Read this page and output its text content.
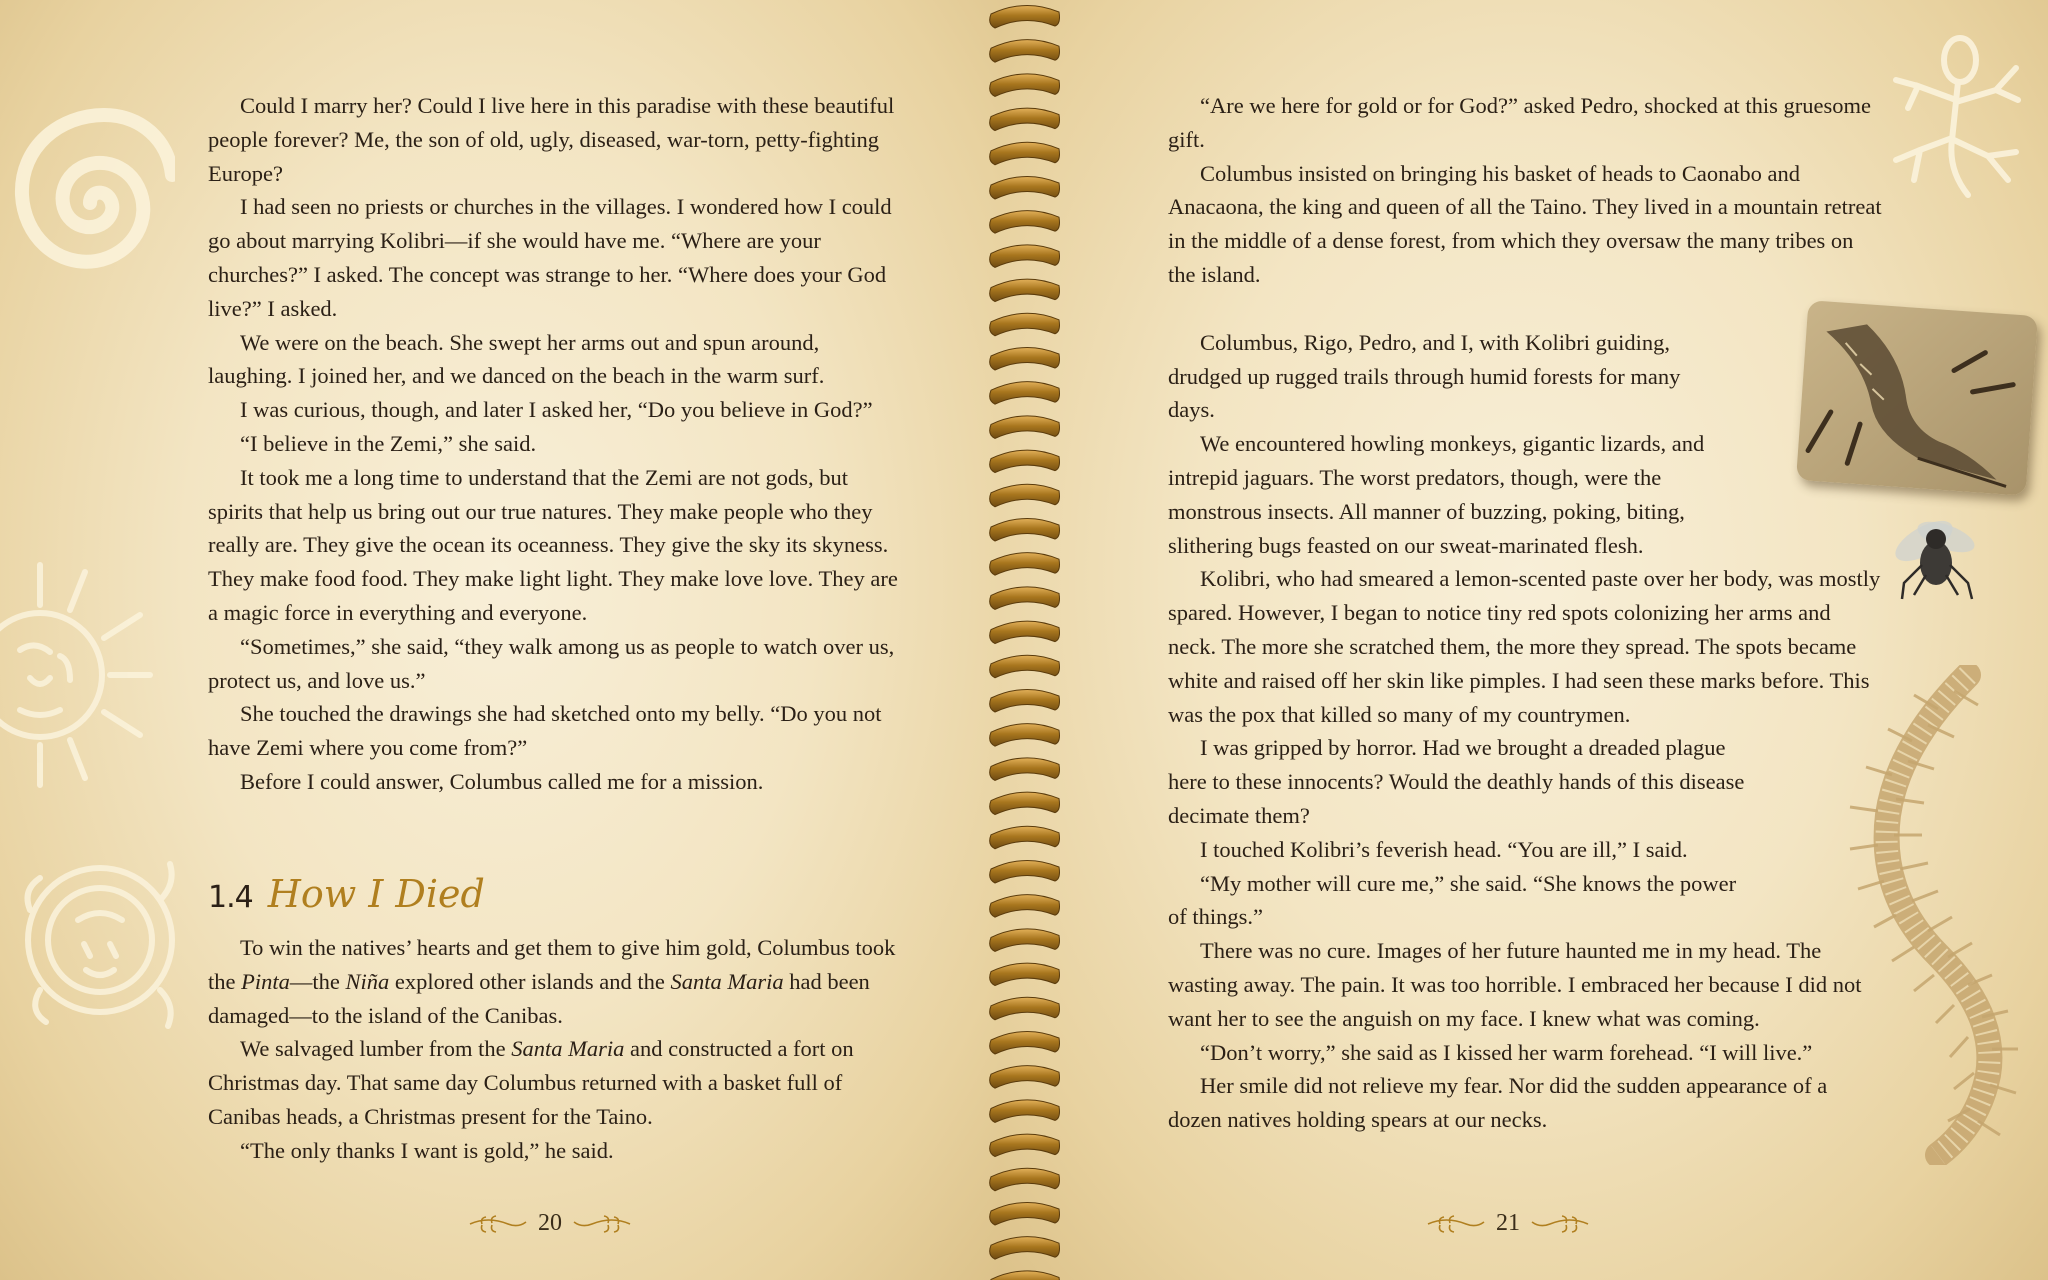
Could I marry her? Could I live here in this paradise with these beautiful people forever? Me, the son of old, ugly, diseased, war-torn, petty-fighting Europe?

I had seen no priests or churches in the villages. I wondered how I could go about marrying Kolibri—if she would have me. “Where are your churches?” I asked. The concept was strange to her. “Where does your God live?” I asked.

We were on the beach. She swept her arms out and spun around, laughing. I joined her, and we danced on the beach in the warm surf.

I was curious, though, and later I asked her, “Do you believe in God?”

“I believe in the Zemi,” she said.

It took me a long time to understand that the Zemi are not gods, but spirits that help us bring out our true natures. They make people who they really are. They give the ocean its oceanness. They give the sky its skyness. They make food food. They make light light. They make love love. They are a magic force in everything and everyone.

“Sometimes,” she said, “they walk among us as people to watch over us, protect us, and love us.”

She touched the drawings she had sketched onto my belly. “Do you not have Zemi where you come from?”

Before I could answer, Columbus called me for a mission.

1.4 How I Died

To win the natives’ hearts and get them to give him gold, Columbus took the Pinta—the Niña explored other islands and the Santa Maria had been damaged—to the island of the Canibas.

We salvaged lumber from the Santa Maria and constructed a fort on Christmas day. That same day Columbus returned with a basket full of Canibas heads, a Christmas present for the Taino.

“The only thanks I want is gold,” he said.

20

“Are we here for gold or for God?” asked Pedro, shocked at this gruesome gift.

Columbus insisted on bringing his basket of heads to Caonabo and Anacaona, the king and queen of all the Taino. They lived in a mountain retreat in the middle of a dense forest, from which they oversaw the many tribes on the island.

Columbus, Rigo, Pedro, and I, with Kolibri guiding, drudged up rugged trails through humid forests for many days.

We encountered howling monkeys, gigantic lizards, and intrepid jaguars. The worst predators, though, were the monstrous insects. All manner of buzzing, poking, biting, slithering bugs feasted on our sweat-marinated flesh.

Kolibri, who had smeared a lemon-scented paste over her body, was mostly spared. However, I began to notice tiny red spots colonizing her arms and neck. The more she scratched them, the more they spread. The spots became white and raised off her skin like pimples. I had seen these marks before. This was the pox that killed so many of my countrymen.

I was gripped by horror. Had we brought a dreaded plague here to these innocents? Would the deathly hands of this disease decimate them?

I touched Kolibri’s feverish head. “You are ill,” I said.

“My mother will cure me,” she said. “She knows the power of things.”

There was no cure. Images of her future haunted me in my head. The wasting away. The pain. It was too horrible. I embraced her because I did not want her to see the anguish on my face. I knew what was coming.

“Don’t worry,” she said as I kissed her warm forehead. “I will live.”

Her smile did not relieve my fear. Nor did the sudden appearance of a dozen natives holding spears at our necks.

21
